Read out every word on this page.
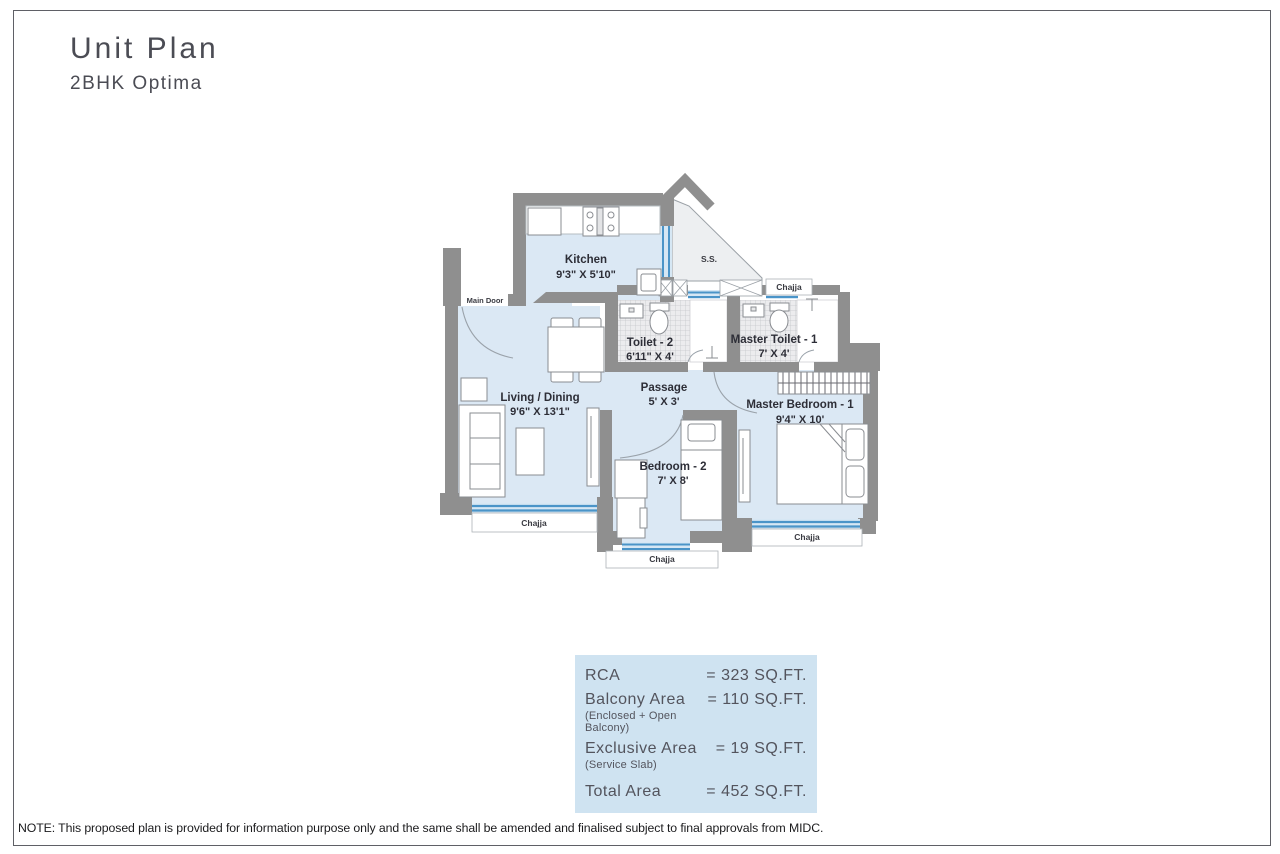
Unit Plan
2BHK Optima
Kitchen
9'3" X 5'10"
S.S.
Main Door
Toilet - 2
6'11" X 4'
Master Toilet - 1
7' X 4'
Passage
5' X 3'
Living / Dining
9'6" X 13'1"
Master Bedroom - 1
9'4" X 10'
Bedroom - 2
7' X 8'
Chajja
Chajja
Chajja
Chajja
RCA	= 323 SQ.FT.
Balcony Area
(Enclosed + Open Balcony)
= 110 SQ.FT.
Exclusive Area
(Service Slab)
= 19 SQ.FT.
Total Area	= 452 SQ.FT.
NOTE: This proposed plan is provided for information purpose only and the same shall be amended and finalised subject to final approvals from MIDC.
